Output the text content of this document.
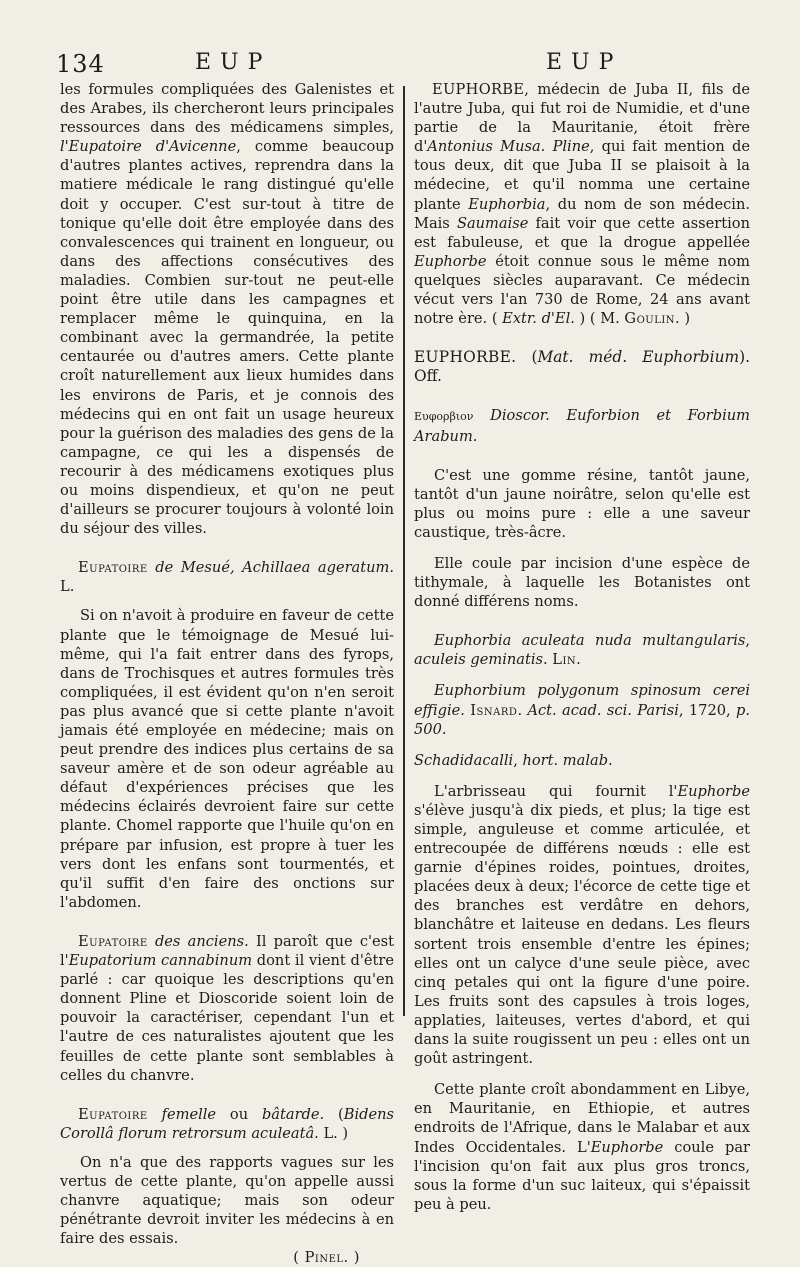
134	EUP	EUP

les formules compliquées des Galenistes et des Arabes, ils chercheront leurs principales ressources dans des médicamens simples, l'Eupatoire d'Avicenne, comme beaucoup d'autres plantes actives, reprendra dans la matiere médicale le rang distingué qu'elle doit y occuper. C'est sur-tout à titre de tonique qu'elle doit être employée dans des convalescences qui trainent en longueur, ou dans des affections consécutives des maladies. Combien sur-tout ne peut-elle point être utile dans les campagnes et remplacer même le quinquina, en la combinant avec la germandrée, la petite centaurée ou d'autres amers. Cette plante croît naturellement aux lieux humides dans les environs de Paris, et je connois des médecins qui en ont fait un usage heureux pour la guérison des maladies des gens de la campagne, ce qui les a dispensés de recourir à des médicamens exotiques plus ou moins dispendieux, et qu'on ne peut d'ailleurs se procurer toujours à volonté loin du séjour des villes.

Eupatoire de Mesué, Achillaea ageratum. L.

Si on n'avoit à produire en faveur de cette plante que le témoignage de Mesué lui-même, qui l'a fait entrer dans des fyrops, dans de Trochisques et autres formules très compliquées, il est évident qu'on n'en seroit pas plus avancé que si cette plante n'avoit jamais été employée en médecine; mais on peut prendre des indices plus certains de sa saveur amère et de son odeur agréable au défaut d'expériences précises que les médecins éclairés devroient faire sur cette plante. Chomel rapporte que l'huile qu'on en prépare par infusion, est propre à tuer les vers dont les enfans sont tourmentés, et qu'il suffit d'en faire des onctions sur l'abdomen.

Eupatoire des anciens. Il paroît que c'est l'Eupatorium cannabinum dont il vient d'être parlé : car quoique les descriptions qu'en donnent Pline et Dioscoride soient loin de pouvoir la caractériser, cependant l'un et l'autre de ces naturalistes ajoutent que les feuilles de cette plante sont semblables à celles du chanvre.

Eupatoire femelle ou bâtarde. (Bidens Corollâ florum retrorsum aculeatâ. L. )

On n'a que des rapports vagues sur les vertus de cette plante, qu'on appelle aussi chanvre aquatique; mais son odeur pénétrante devroit inviter les médecins à en faire des essais.

( Pinel. )

EUPHORBE, médecin de Juba II, fils de l'autre Juba, qui fut roi de Numidie, et d'une partie de la Mauritanie, étoit frère d'Antonius Musa. Pline, qui fait mention de tous deux, dit que Juba II se plaisoit à la médecine, et qu'il nomma une certaine plante Euphorbia, du nom de son médecin. Mais Saumaise fait voir que cette assertion est fabuleuse, et que la drogue appellée Euphorbe étoit connue sous le même nom quelques siècles auparavant. Ce médecin vécut vers l'an 730 de Rome, 24 ans avant notre ère. ( Extr. d'El. ) ( M. Goulin. )

EUPHORBE. (Mat. méd. Euphorbium). Off.

Ευφορβιον Dioscor. Euforbion et Forbium Arabum.

C'est une gomme résine, tantôt jaune, tantôt d'un jaune noirâtre, selon qu'elle est plus ou moins pure : elle a une saveur caustique, très-âcre.

Elle coule par incision d'une espèce de tithymale, à laquelle les Botanistes ont donné différens noms.

Euphorbia aculeata nuda multangularis, aculeis geminatis. Lin.

Euphorbium polygonum spinosum cerei effigie. Isnard. Act. acad. sci. Parisi, 1720, p. 500.

Schadidacalli, hort. malab.

L'arbrisseau qui fournit l'Euphorbe s'élève jusqu'à dix pieds, et plus; la tige est simple, anguleuse et comme articulée, et entrecoupée de différens nœuds : elle est garnie d'épines roides, pointues, droites, placées deux à deux; l'écorce de cette tige et des branches est verdâtre en dehors, blanchâtre et laiteuse en dedans. Les fleurs sortent trois ensemble d'entre les épines; elles ont un calyce d'une seule pièce, avec cinq petales qui ont la figure d'une poire. Les fruits sont des capsules à trois loges, applaties, laiteuses, vertes d'abord, et qui dans la suite rougissent un peu : elles ont un goût astringent.

Cette plante croît abondamment en Libye, en Mauritanie, en Ethiopie, et autres endroits de l'Afrique, dans le Malabar et aux Indes Occidentales. L'Euphorbe coule par l'incision qu'on fait aux plus gros troncs, sous la forme d'un suc laiteux, qui s'épaissit peu à peu.
